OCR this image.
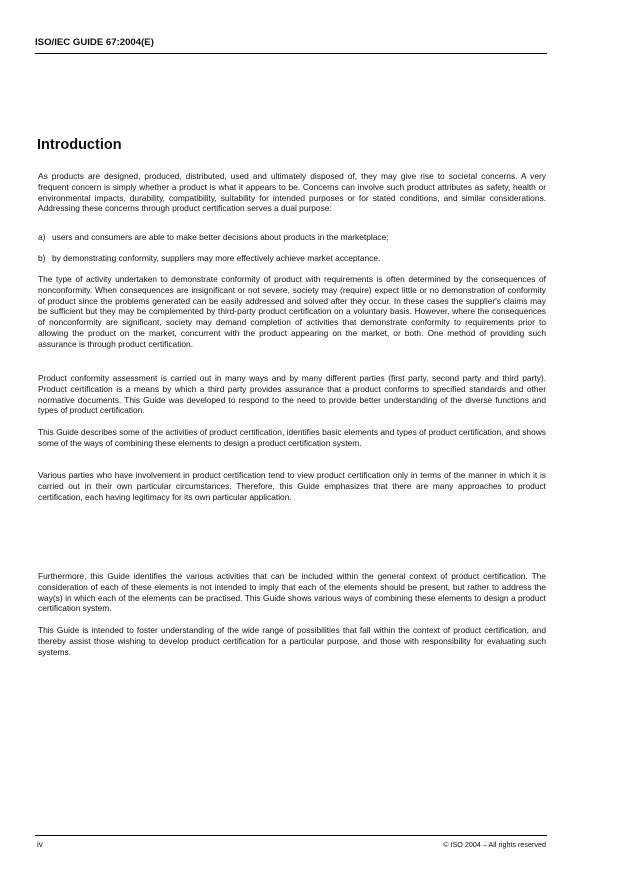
ISO/IEC GUIDE 67:2004(E)
Introduction
As products are designed, produced, distributed, used and ultimately disposed of, they may give rise to societal concerns. A very frequent concern is simply whether a product is what it appears to be. Concerns can involve such product attributes as safety, health or environmental impacts, durability, compatibility, suitability for intended purposes or for stated conditions, and similar considerations. Addressing these concerns through product certification serves a dual purpose:
a) users and consumers are able to make better decisions about products in the marketplace;
b) by demonstrating conformity, suppliers may more effectively achieve market acceptance.
The type of activity undertaken to demonstrate conformity of product with requirements is often determined by the consequences of nonconformity. When consequences are insignificant or not severe, society may (require) expect little or no demonstration of conformity of product since the problems generated can be easily addressed and solved after they occur. In these cases the supplier's claims may be sufficient but they may be complemented by third-party product certification on a voluntary basis. However, where the consequences of nonconformity are significant, society may demand completion of activities that demonstrate conformity to requirements prior to allowing the product on the market, concurrent with the product appearing on the market, or both. One method of providing such assurance is through product certification.
Product conformity assessment is carried out in many ways and by many different parties (first party, second party and third party). Product certification is a means by which a third party provides assurance that a product conforms to specified standards and other normative documents. This Guide was developed to respond to the need to provide better understanding of the diverse functions and types of product certification.
This Guide describes some of the activities of product certification, identifies basic elements and types of product certification, and shows some of the ways of combining these elements to design a product certification system.
Various parties who have involvement in product certification tend to view product certification only in terms of the manner in which it is carried out in their own particular circumstances. Therefore, this Guide emphasizes that there are many approaches to product certification, each having legitimacy for its own particular application.
Furthermore, this Guide identifies the various activities that can be included within the general context of product certification. The consideration of each of these elements is not intended to imply that each of the elements should be present, but rather to address the way(s) in which each of the elements can be practised. This Guide shows various ways of combining these elements to design a product certification system.
This Guide is intended to foster understanding of the wide range of possibilities that fall within the context of product certification, and thereby assist those wishing to develop product certification for a particular purpose, and those with responsibility for evaluating such systems.
iv	© ISO 2004 – All rights reserved
